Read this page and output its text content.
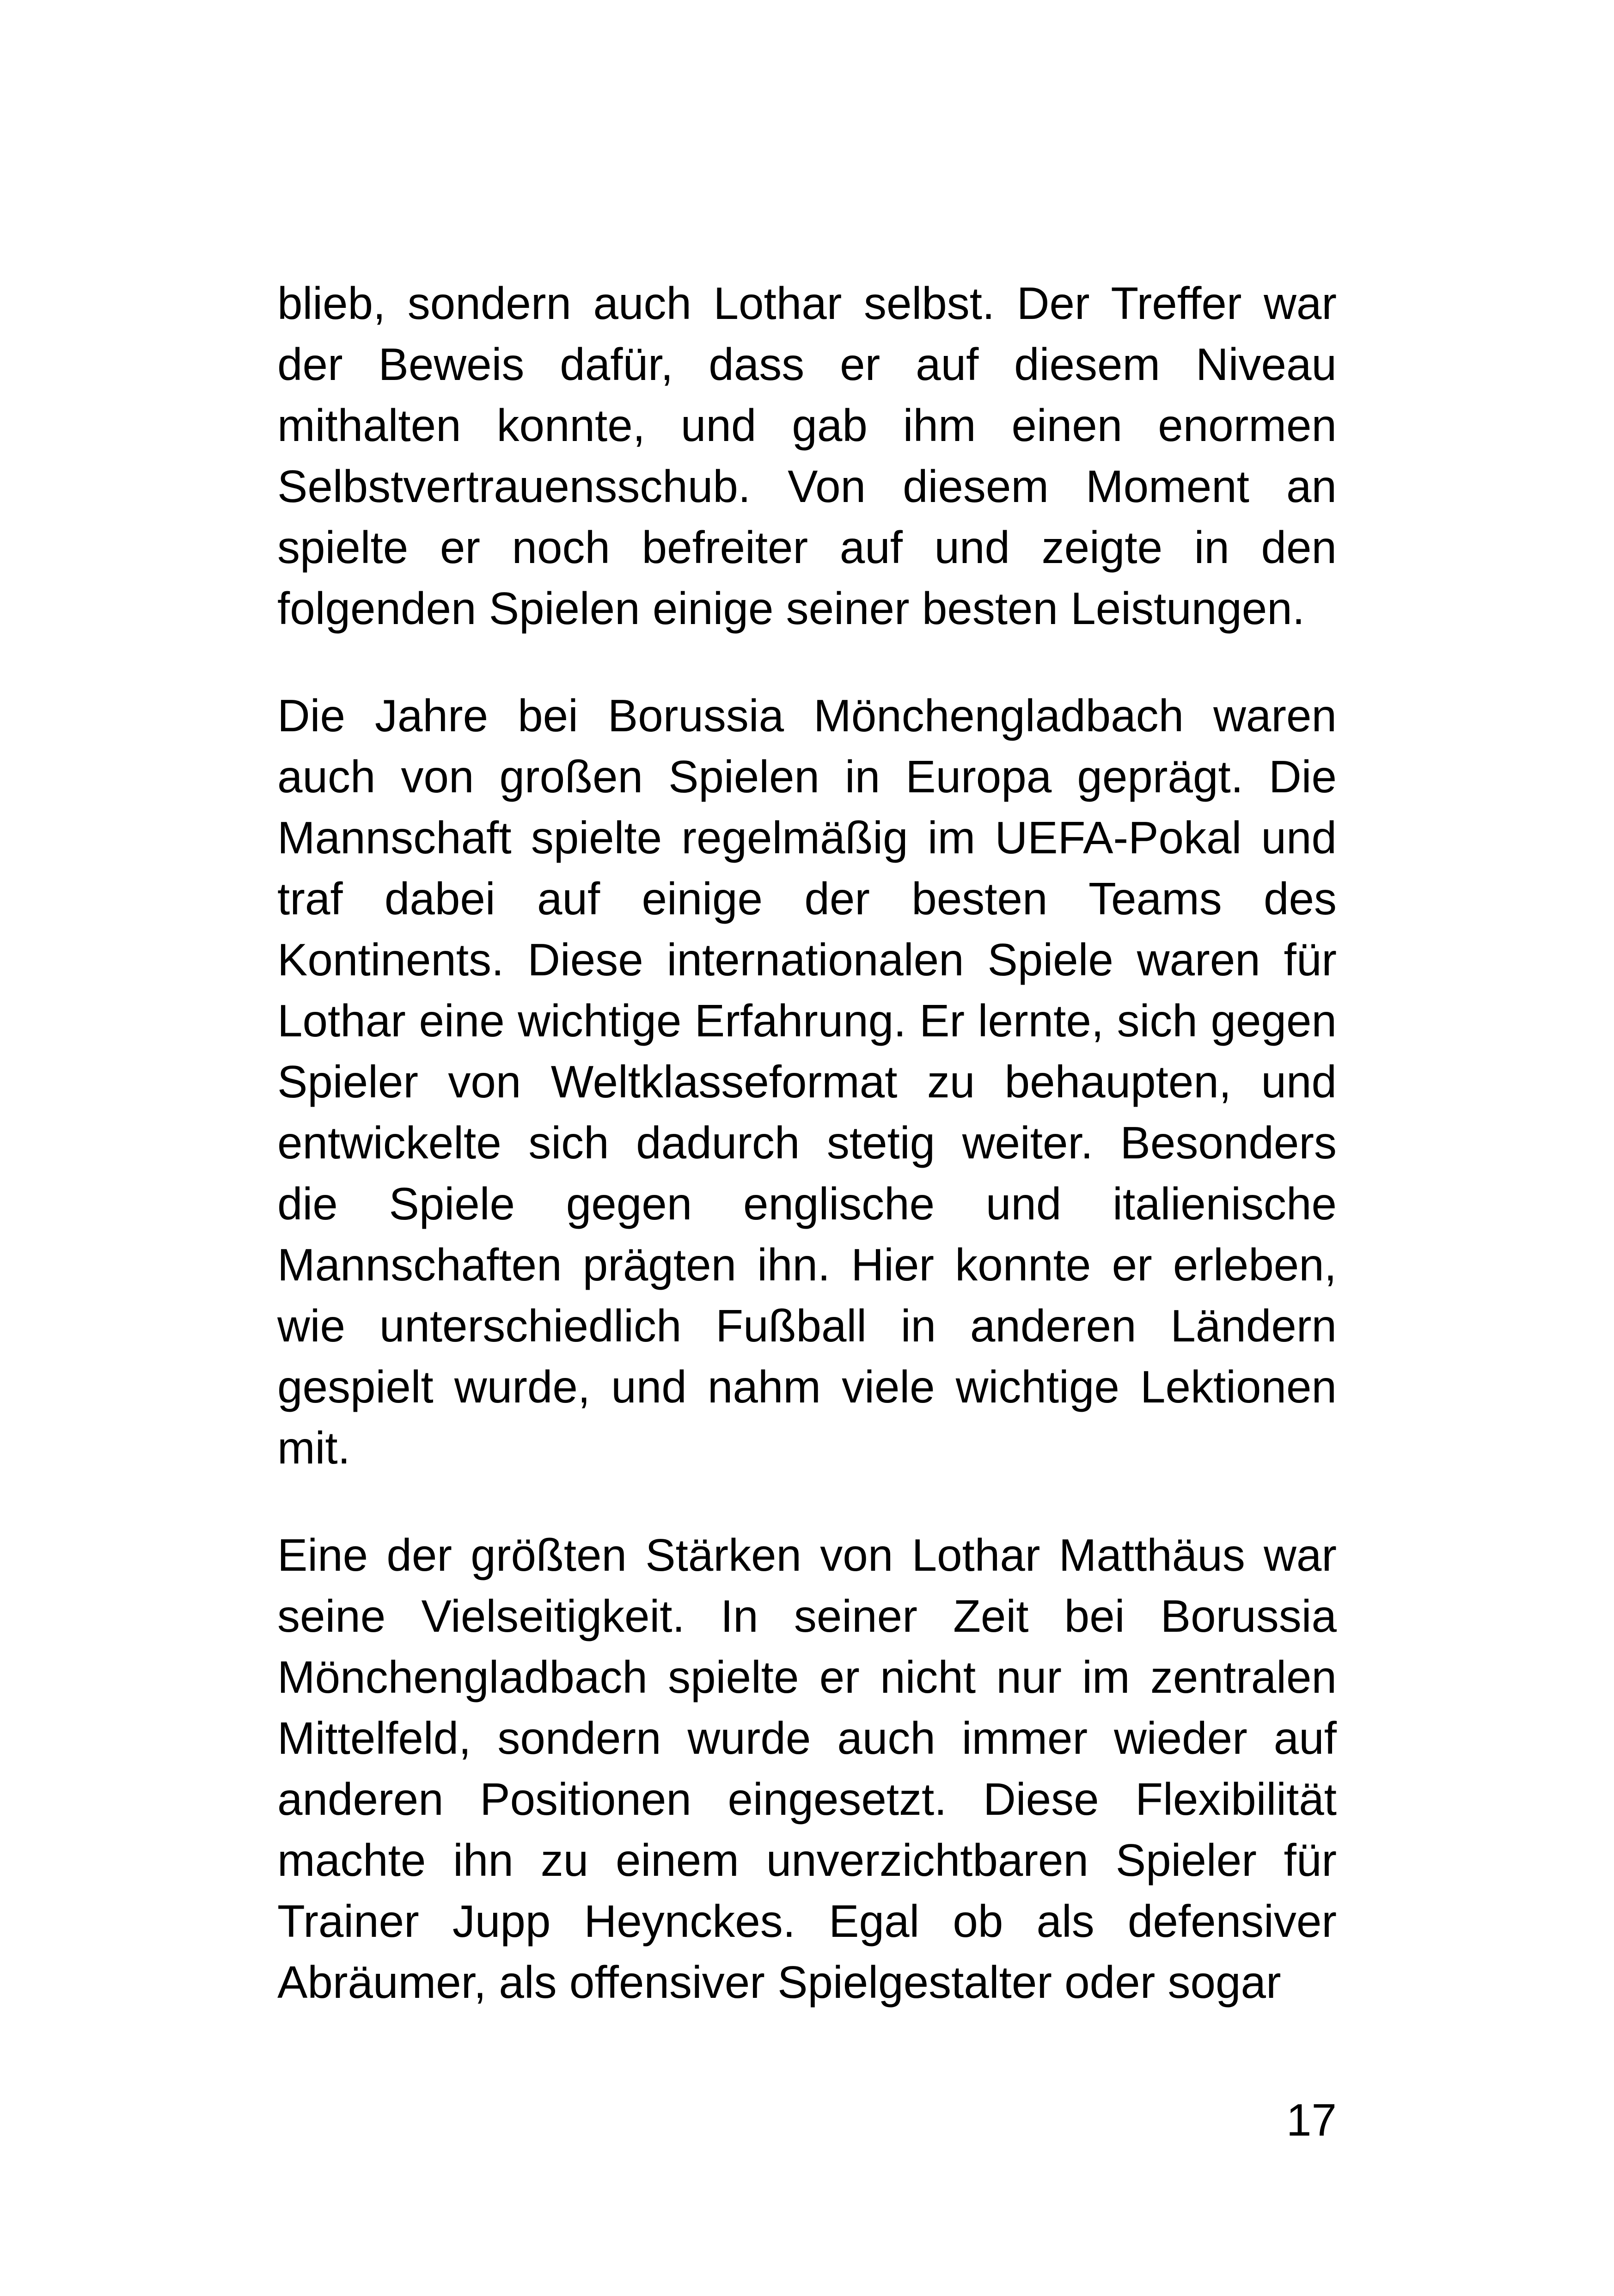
blieb, sondern auch Lothar selbst. Der Treffer war der Beweis dafür, dass er auf diesem Niveau mithalten konnte, und gab ihm einen enormen Selbstvertrauensschub. Von diesem Moment an spielte er noch befreiter auf und zeigte in den folgenden Spielen einige seiner besten Leistungen.

Die Jahre bei Borussia Mönchengladbach waren auch von großen Spielen in Europa geprägt. Die Mannschaft spielte regelmäßig im UEFA-Pokal und traf dabei auf einige der besten Teams des Kontinents. Diese internationalen Spiele waren für Lothar eine wichtige Erfahrung. Er lernte, sich gegen Spieler von Weltklasseformat zu behaupten, und entwickelte sich dadurch stetig weiter. Besonders die Spiele gegen englische und italienische Mannschaften prägten ihn. Hier konnte er erleben, wie unterschiedlich Fußball in anderen Ländern gespielt wurde, und nahm viele wichtige Lektionen mit.

Eine der größten Stärken von Lothar Matthäus war seine Vielseitigkeit. In seiner Zeit bei Borussia Mönchengladbach spielte er nicht nur im zentralen Mittelfeld, sondern wurde auch immer wieder auf anderen Positionen eingesetzt. Diese Flexibilität machte ihn zu einem unverzichtbaren Spieler für Trainer Jupp Heynckes. Egal ob als defensiver Abräumer, als offensiver Spielgestalter oder sogar

17
